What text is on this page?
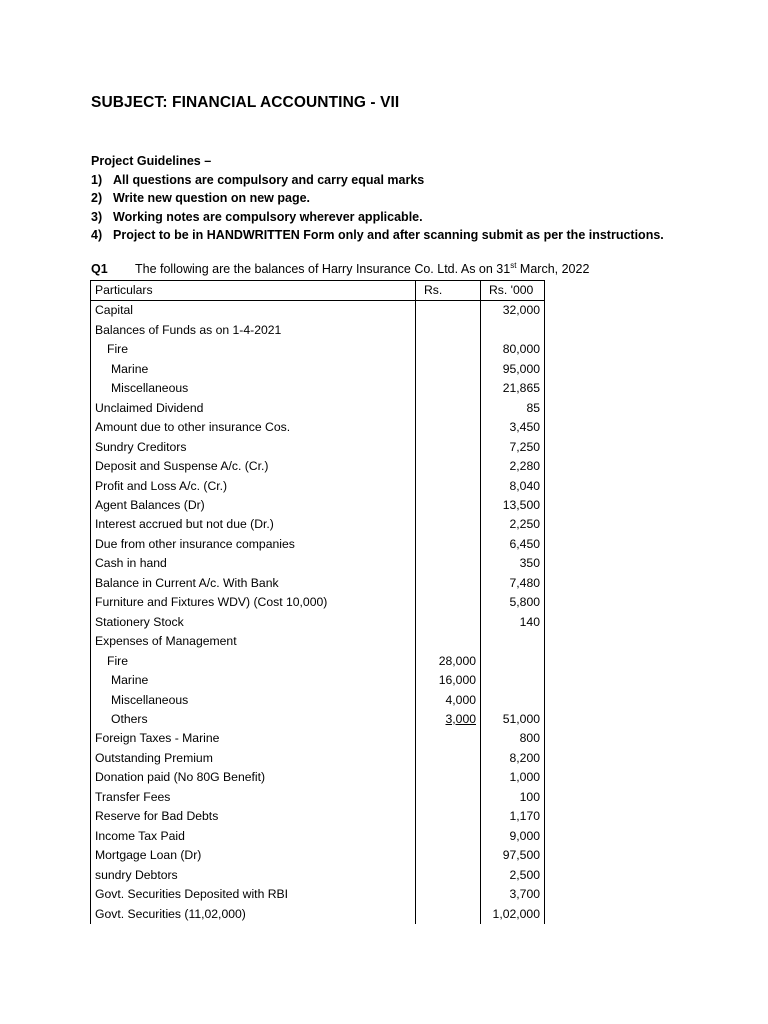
SUBJECT: FINANCIAL ACCOUNTING - VII
Project Guidelines –
1) All questions are compulsory and carry equal marks
2) Write new question on new page.
3) Working notes are compulsory wherever applicable.
4) Project to be in HANDWRITTEN Form only and after scanning submit as per the instructions.
Q1 The following are the balances of Harry Insurance Co. Ltd. As on 31st March, 2022
Particulars	Rs.	Rs. '000
Capital		32,000
Balances of Funds as on 1-4-2021		
Fire		80,000
Marine		95,000
Miscellaneous		21,865
Unclaimed Dividend		85
Amount due to other insurance Cos.		3,450
Sundry Creditors		7,250
Deposit and Suspense A/c. (Cr.)		2,280
Profit and Loss A/c. (Cr.)		8,040
Agent Balances (Dr)		13,500
Interest accrued but not due (Dr.)		2,250
Due from other insurance companies		6,450
Cash in hand		350
Balance in Current A/c. With Bank		7,480
Furniture and Fixtures WDV) (Cost 10,000)		5,800
Stationery Stock		140
Expenses of Management		
Fire	28,000	
Marine	16,000	
Miscellaneous	4,000	
Others	3,000	51,000
Foreign Taxes - Marine		800
Outstanding Premium		8,200
Donation paid (No 80G Benefit)		1,000
Transfer Fees		100
Reserve for Bad Debts		1,170
Income Tax Paid		9,000
Mortgage Loan (Dr)		97,500
sundry Debtors		2,500
Govt. Securities Deposited with RBI		3,700
Govt. Securities (11,02,000)		1,02,000
